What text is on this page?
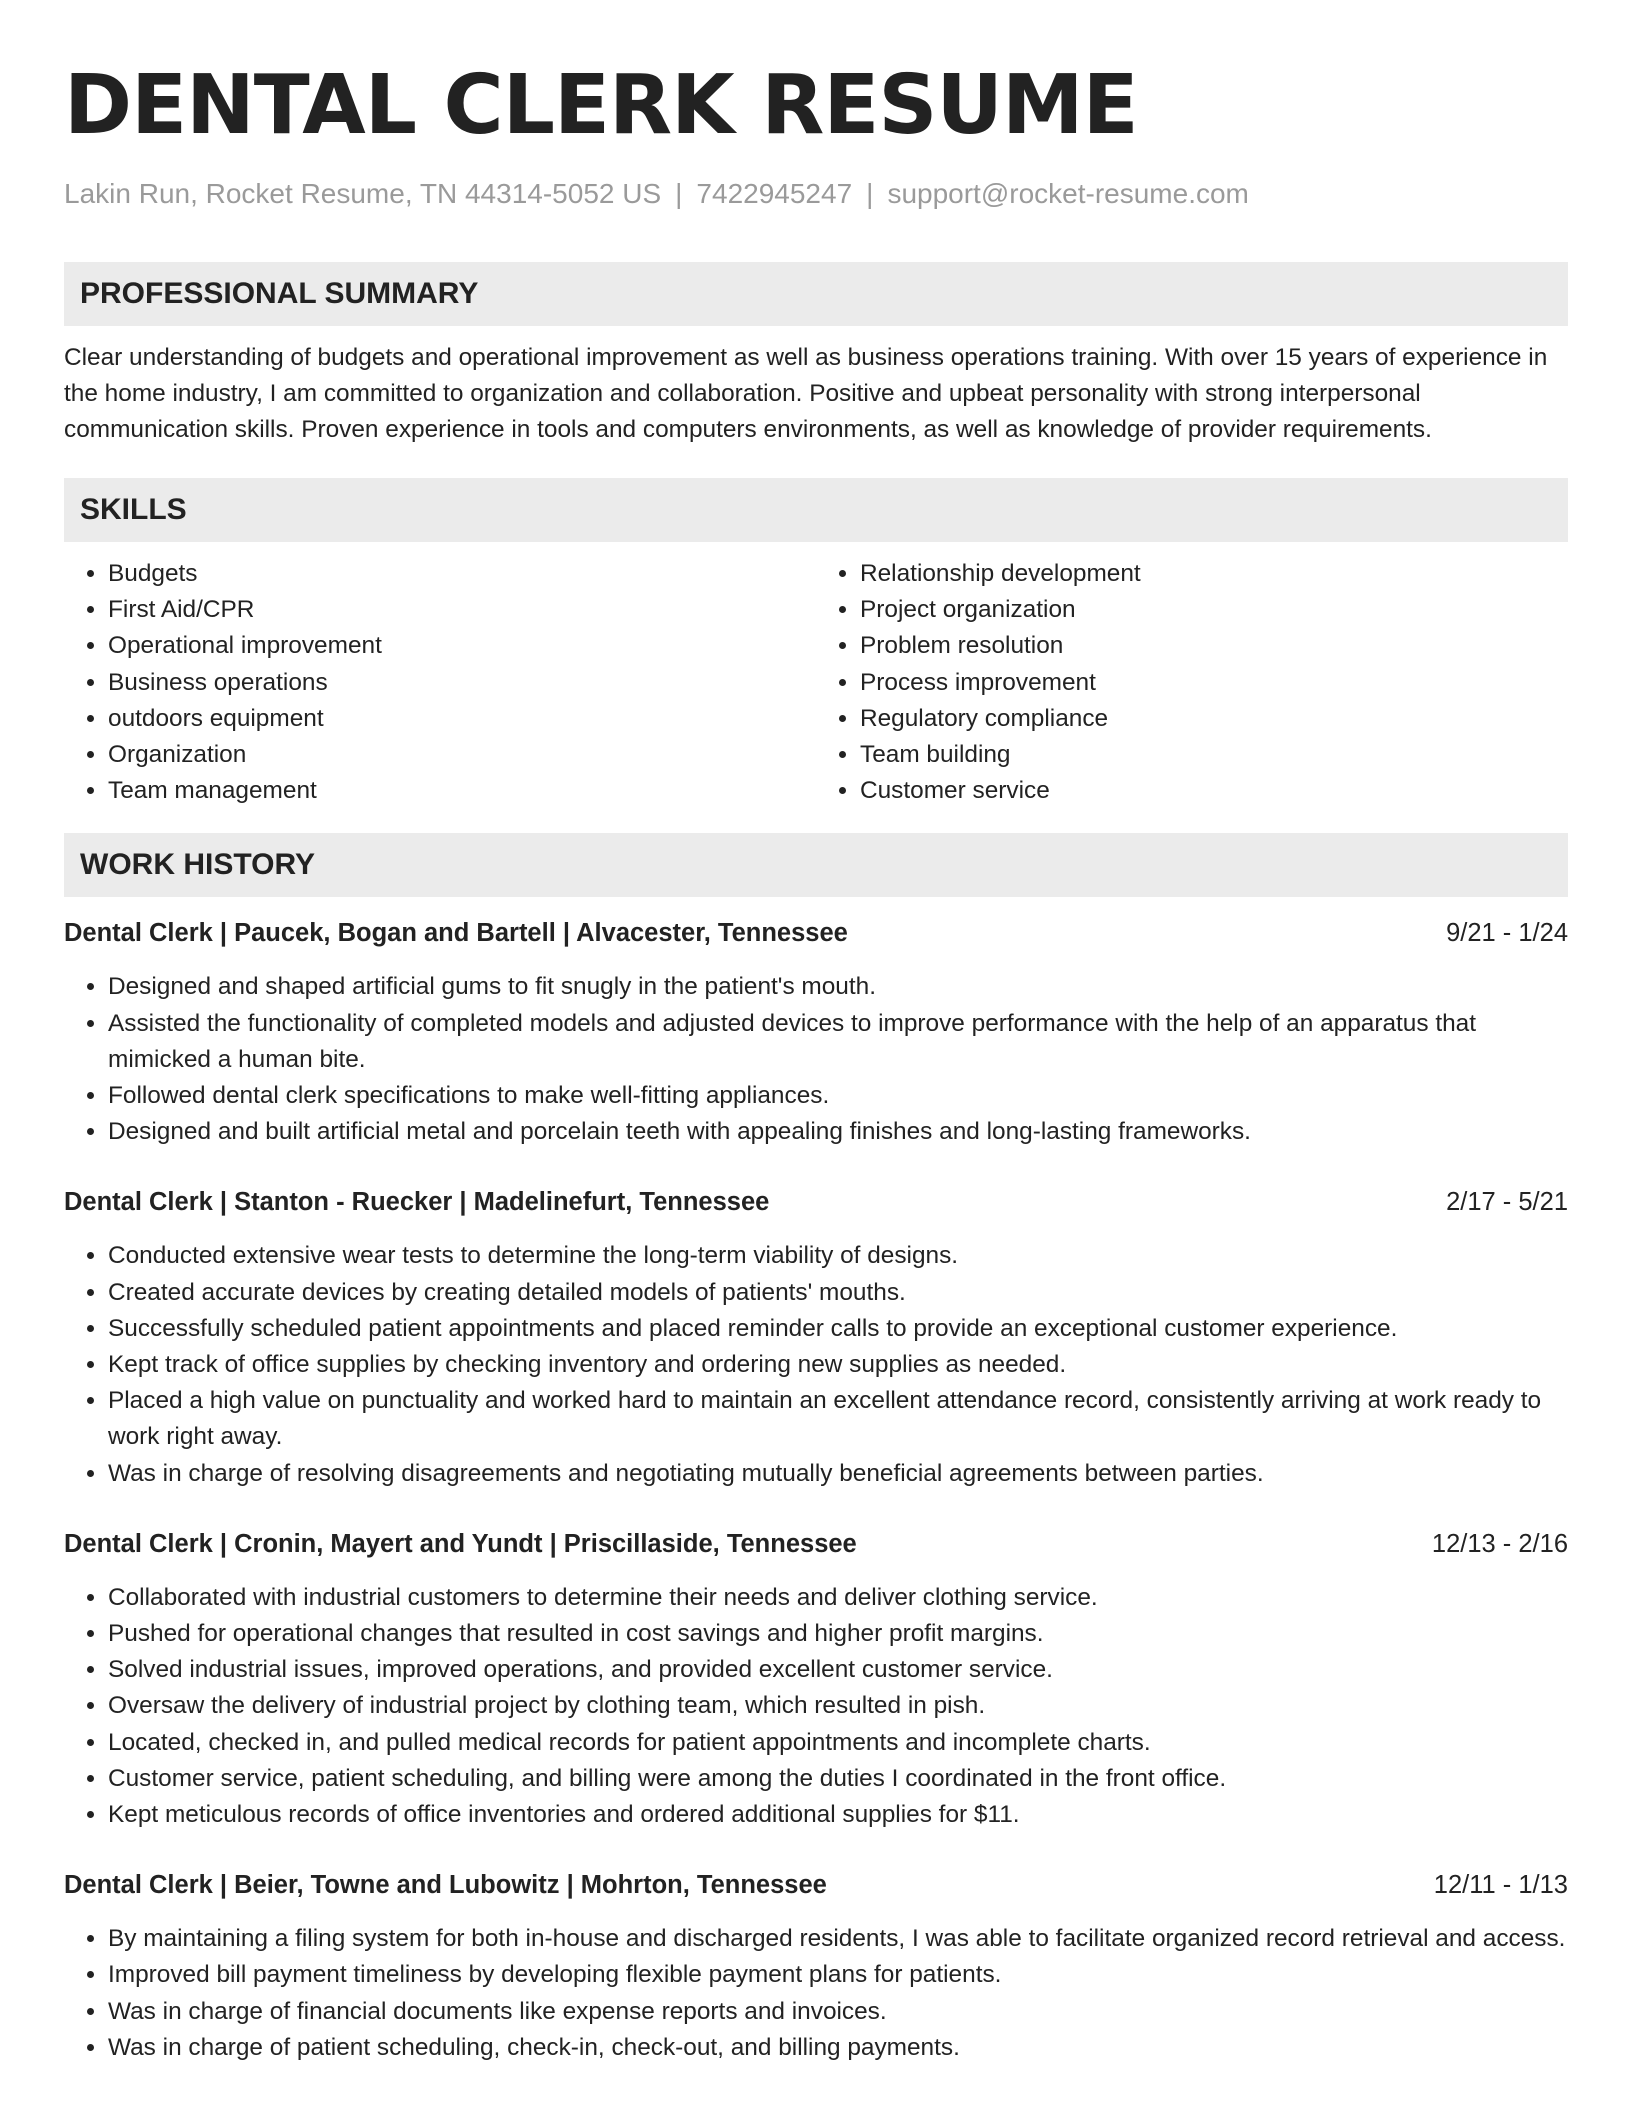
DENTAL CLERK RESUME
Lakin Run, Rocket Resume, TN 44314-5052 US | 7422945247 | support@rocket-resume.com
PROFESSIONAL SUMMARY
Clear understanding of budgets and operational improvement as well as business operations training. With over 15 years of experience in the home industry, I am committed to organization and collaboration. Positive and upbeat personality with strong interpersonal communication skills. Proven experience in tools and computers environments, as well as knowledge of provider requirements.
SKILLS
• Budgets
• First Aid/CPR
• Operational improvement
• Business operations
• outdoors equipment
• Organization
• Team management
• Relationship development
• Project organization
• Problem resolution
• Process improvement
• Regulatory compliance
• Team building
• Customer service
WORK HISTORY
Dental Clerk | Paucek, Bogan and Bartell | Alvacester, Tennessee	9/21 - 1/24
• Designed and shaped artificial gums to fit snugly in the patient's mouth.
• Assisted the functionality of completed models and adjusted devices to improve performance with the help of an apparatus that mimicked a human bite.
• Followed dental clerk specifications to make well-fitting appliances.
• Designed and built artificial metal and porcelain teeth with appealing finishes and long-lasting frameworks.
Dental Clerk | Stanton - Ruecker | Madelinefurt, Tennessee	2/17 - 5/21
• Conducted extensive wear tests to determine the long-term viability of designs.
• Created accurate devices by creating detailed models of patients' mouths.
• Successfully scheduled patient appointments and placed reminder calls to provide an exceptional customer experience.
• Kept track of office supplies by checking inventory and ordering new supplies as needed.
• Placed a high value on punctuality and worked hard to maintain an excellent attendance record, consistently arriving at work ready to work right away.
• Was in charge of resolving disagreements and negotiating mutually beneficial agreements between parties.
Dental Clerk | Cronin, Mayert and Yundt | Priscillaside, Tennessee	12/13 - 2/16
• Collaborated with industrial customers to determine their needs and deliver clothing service.
• Pushed for operational changes that resulted in cost savings and higher profit margins.
• Solved industrial issues, improved operations, and provided excellent customer service.
• Oversaw the delivery of industrial project by clothing team, which resulted in pish.
• Located, checked in, and pulled medical records for patient appointments and incomplete charts.
• Customer service, patient scheduling, and billing were among the duties I coordinated in the front office.
• Kept meticulous records of office inventories and ordered additional supplies for $11.
Dental Clerk | Beier, Towne and Lubowitz | Mohrton, Tennessee	12/11 - 1/13
• By maintaining a filing system for both in-house and discharged residents, I was able to facilitate organized record retrieval and access.
• Improved bill payment timeliness by developing flexible payment plans for patients.
• Was in charge of financial documents like expense reports and invoices.
• Was in charge of patient scheduling, check-in, check-out, and billing payments.
